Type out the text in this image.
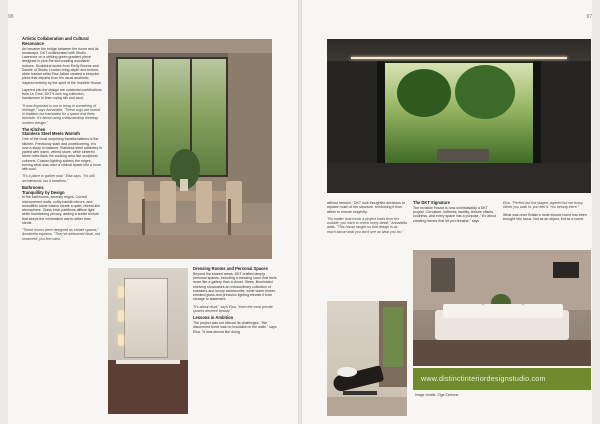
96	97
Artistic Collaboration and Cultural Resonance

Art became the bridge between the home and its landscape. DKT collaborated with Studio Lawrence on a striking green gradient piece designed to pick the surrounding woodland indoors. Sculptural works from Emily Bourne and Zanele of Studio London bring depth and texture, while Iranian artist Elsa Jabari created a bespoke piece that departs from his usual aesthetic, inspired entirely by the spirit of the Invisible House.

Layered into the design are curatorial contributions from Le Gros, DKT's own rug collection, handwoven in linen using silk and wool.

"It was important to me to bring in something of heritage," says Annabella. "These rugs are rooted in tradition but translated for a space that feels futuristic. It's about using craftsmanship meeting modern design."

The Kitchen
Stainless Steel Meets Warmth

One of the most surprising transformations is the kitchen. Previously stark and unwelcoming, it is now a study in balance. Stainless steel cabinetry is paired with warm, veined stone, while sintered stone rules flank the cooking area like sculptural columns. Custom lighting softens the edges, turning what was once a clinical space into a room with soul.

"It's a place to gather now," Elsa says. "It's still architectural, but it breathes."

Bathrooms
Tranquillity by Design

In the bathrooms, serenity reigns. Curved microcement walls, softly backlit mirrors, and monolithic stone basins create a quiet, retreat-like atmosphere. Glass brick partitions diffuse light while maintaining privacy, adding a subtle texture that keeps the minimalism warm rather than sterile.

"These rooms were designed as exhale spaces," Annabella explains. "They've welcomed ritual, not ornament; you feel calm."

Dressing Rooms and Personal Spaces

Beyond the shared areas, DKT crafted deeply personal spaces, including a dressing room that feels more like a gallery than a closet. Sleek, illuminated shelving showcases an extraordinary collection of sneakers and luxury accessories, while warm timber, smoked glass and precision lighting elevate it from storage to statement.

"It's about ritual," says Elsa, "even the most private spaces deserve beauty."

Lessons in Ambition

The project was not without its challenges. "We discovered there was no insulation in the walls," says Elsa. "It was almost like doing

without tension." DKT took thoughtful decisions to replace much of the structure, reinforcing it from within to ensure longevity.

"No matter how iconic a project looks from the outside, you have to check every detail," Annabella adds. "This house taught us that design is as much about what you don't see as what you do."

The DKT Signature

The Invisible House is now unmistakably a DKT project. Curvature, softness, tactility, texture offsets coolness, and every space has a purpose. "It's about creating homes that let you breathe," says

Elsa. "Perfect but not staged, layered but not fussy. When you walk in, you feel it. You belong there."

What was once Britain's most elusive home has been brought into focus. Not as an object, but as a home.

www.distinctinteriordesignstudio.com
Image credits: Olga Carbone
